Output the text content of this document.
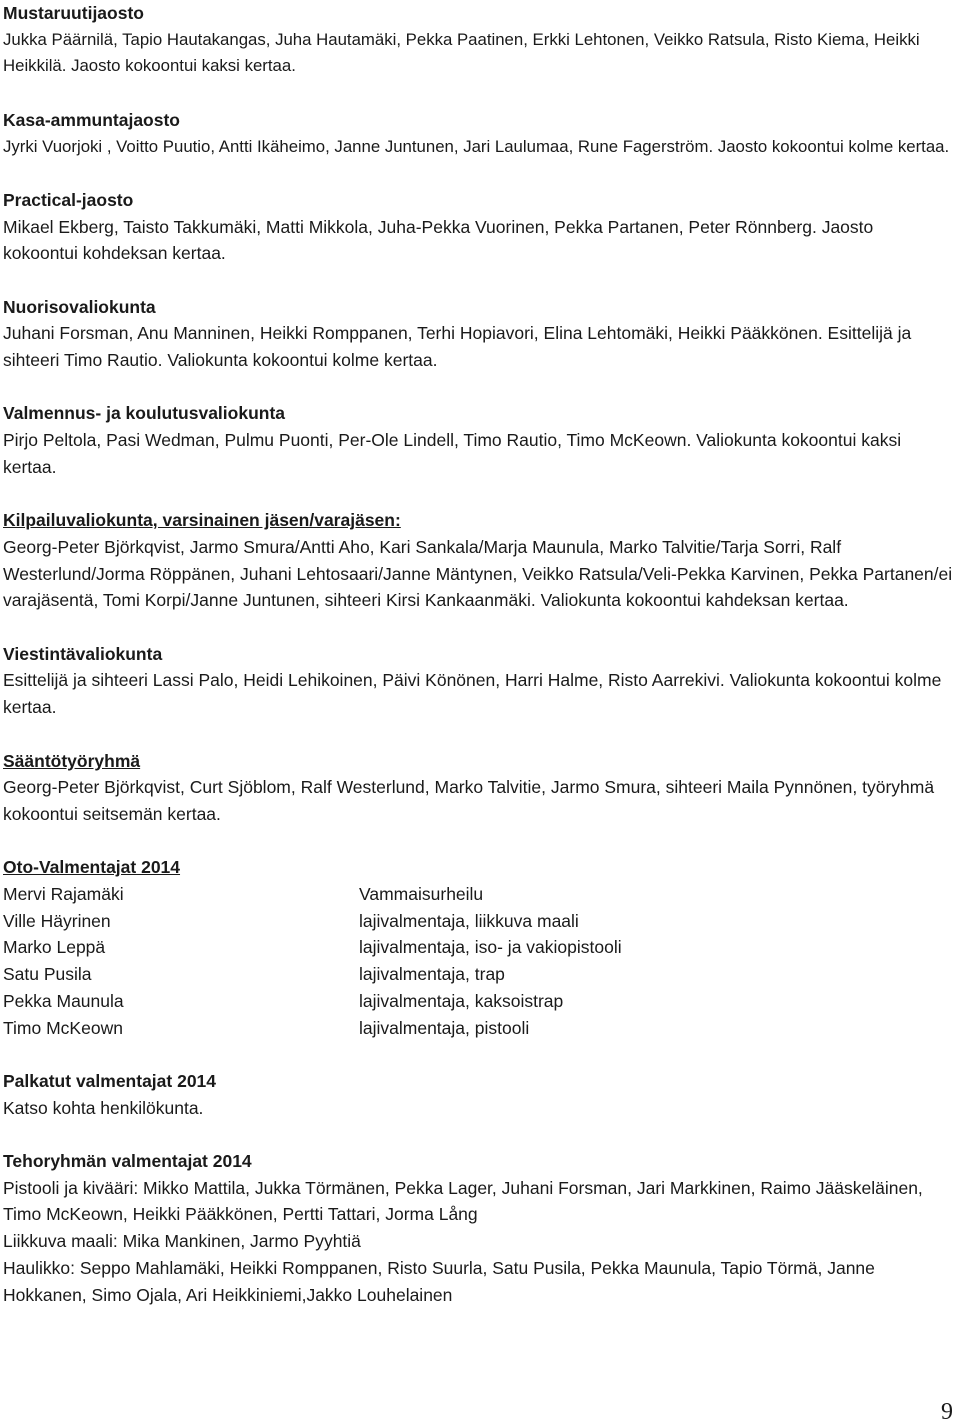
Mustaruutijaosto

Jukka Päärnilä, Tapio Hautakangas, Juha Hautamäki, Pekka Paatinen, Erkki Lehtonen, Veikko Ratsula, Risto Kiema, Heikki Heikkilä. Jaosto kokoontui kaksi kertaa.

Kasa-ammuntajaosto

Jyrki Vuorjoki , Voitto Puutio, Antti Ikäheimo, Janne Juntunen, Jari Laulumaa, Rune Fagerström. Jaosto kokoontui kolme kertaa.

Practical-jaosto

Mikael Ekberg, Taisto Takkumäki, Matti Mikkola, Juha-Pekka Vuorinen, Pekka Partanen, Peter Rönnberg. Jaosto kokoontui kohdeksan kertaa.

Nuorisovaliokunta

Juhani Forsman, Anu Manninen, Heikki Romppanen, Terhi Hopiavori, Elina Lehtomäki, Heikki Pääkkönen. Esittelijä ja sihteeri Timo Rautio. Valiokunta kokoontui kolme kertaa.

Valmennus- ja koulutusvaliokunta

Pirjo Peltola, Pasi Wedman, Pulmu Puonti, Per-Ole Lindell, Timo Rautio, Timo McKeown. Valiokunta kokoontui kaksi kertaa.

Kilpailuvaliokunta, varsinainen jäsen/varajäsen:

Georg-Peter Björkqvist, Jarmo Smura/Antti Aho, Kari Sankala/Marja Maunula, Marko Talvitie/Tarja Sorri, Ralf Westerlund/Jorma Röppänen, Juhani Lehtosaari/Janne Mäntynen, Veikko Ratsula/Veli-Pekka Karvinen, Pekka Partanen/ei varajäsentä, Tomi Korpi/Janne Juntunen, sihteeri Kirsi Kankaanmäki. Valiokunta kokoontui kahdeksan kertaa.

Viestintävaliokunta

Esittelijä ja sihteeri Lassi Palo, Heidi Lehikoinen, Päivi Könönen, Harri Halme, Risto Aarrekivi. Valiokunta kokoontui kolme kertaa.

Sääntötyöryhmä

Georg-Peter Björkqvist, Curt Sjöblom, Ralf Westerlund, Marko Talvitie, Jarmo Smura, sihteeri Maila Pynnönen, työryhmä kokoontui seitsemän kertaa.

Oto-Valmentajat 2014

Mervi Rajamäki
Ville Häyrinen
Marko Leppä
Satu Pusila
Pekka Maunula
Timo McKeown
Vammaisurheilu
lajivalmentaja, liikkuva maali
lajivalmentaja, iso- ja vakiopistooli
lajivalmentaja, trap
lajivalmentaja, kaksoistrap
lajivalmentaja, pistooli

Palkatut valmentajat 2014

Katso kohta henkilökunta.

Tehoryhmän valmentajat 2014

Pistooli ja kivääri: Mikko Mattila, Jukka Törmänen, Pekka Lager, Juhani Forsman, Jari Markkinen, Raimo Jääskeläinen, Timo McKeown, Heikki Pääkkönen, Pertti Tattari, Jorma Lång

Liikkuva maali: Mika Mankinen, Jarmo Pyyhtiä

Haulikko: Seppo Mahlamäki, Heikki Romppanen, Risto Suurla, Satu Pusila, Pekka Maunula, Tapio Törmä, Janne Hokkanen, Simo Ojala, Ari Heikkiniemi,Jakko Louhelainen

9
